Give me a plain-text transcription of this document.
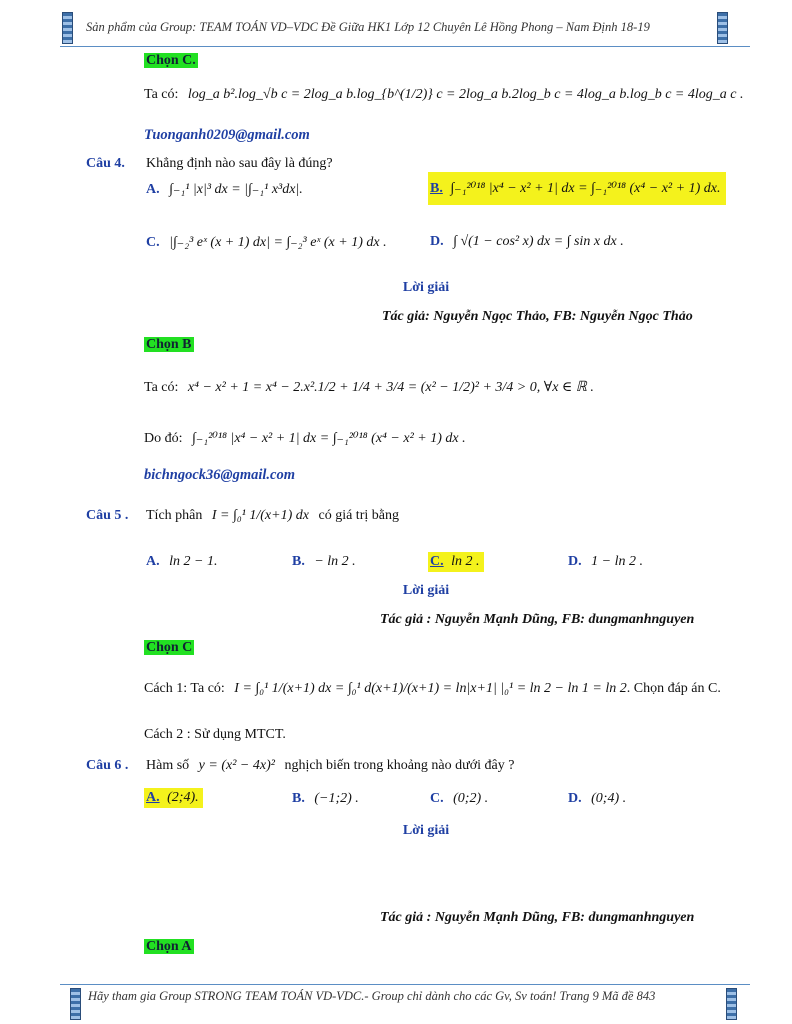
Sản phẩm của Group: TEAM TOÁN VD–VDC Đề Giữa HK1 Lớp 12 Chuyên Lê Hồng Phong – Nam Định 18-19
Chọn C.
Ta có: log_a b².log_√b c = 2log_a b.log_{b^(1/2)} c = 2log_a b.2log_b c = 4log_a b.log_b c = 4log_a c .
Tuonganh0209@gmail.com
Câu 4. Khẳng định nào sau đây là đúng?
A. ∫₋₁¹ |x|³ dx = |∫₋₁¹ x³dx|.	B. ∫₋₁²⁰¹⁸ |x⁴ − x² + 1| dx = ∫₋₁²⁰¹⁸ (x⁴ − x² + 1) dx.
C. |∫₋₂³ eˣ (x + 1) dx| = ∫₋₂³ eˣ (x + 1) dx .	D. ∫ √(1 − cos² x) dx = ∫ sin x dx .
Lời giải
Tác giả: Nguyễn Ngọc Thảo, FB: Nguyễn Ngọc Thảo
Chọn B
Ta có: x⁴ − x² + 1 = x⁴ − 2.x².1/2 + 1/4 + 3/4 = (x² − 1/2)² + 3/4 > 0, ∀x ∈ ℝ .
Do đó: ∫₋₁²⁰¹⁸ |x⁴ − x² + 1| dx = ∫₋₁²⁰¹⁸ (x⁴ − x² + 1) dx .
bichngock36@gmail.com
Câu 5 . Tích phân I = ∫₀¹ 1/(x+1) dx có giá trị bằng
A. ln 2 − 1.	B. − ln 2 .	C. ln 2 .	D. 1 − ln 2 .
Lời giải
Tác giả : Nguyễn Mạnh Dũng, FB: dungmanhnguyen
Chọn C
Cách 1: Ta có: I = ∫₀¹ 1/(x+1) dx = ∫₀¹ d(x+1)/(x+1) = ln|x+1| |₀¹ = ln 2 − ln 1 = ln 2. Chọn đáp án C.
Cách 2 : Sử dụng MTCT.
Câu 6 . Hàm số y = (x² − 4x)² nghịch biến trong khoảng nào dưới đây ?
A. (2;4).	B. (−1;2) .	C. (0;2) .	D. (0;4) .
Lời giải
Tác giả : Nguyễn Mạnh Dũng, FB: dungmanhnguyen
Chọn A
Hãy tham gia Group STRONG TEAM TOÁN VD-VDC.- Group chỉ dành cho các Gv, Sv toán! Trang 9 Mã đề 843
